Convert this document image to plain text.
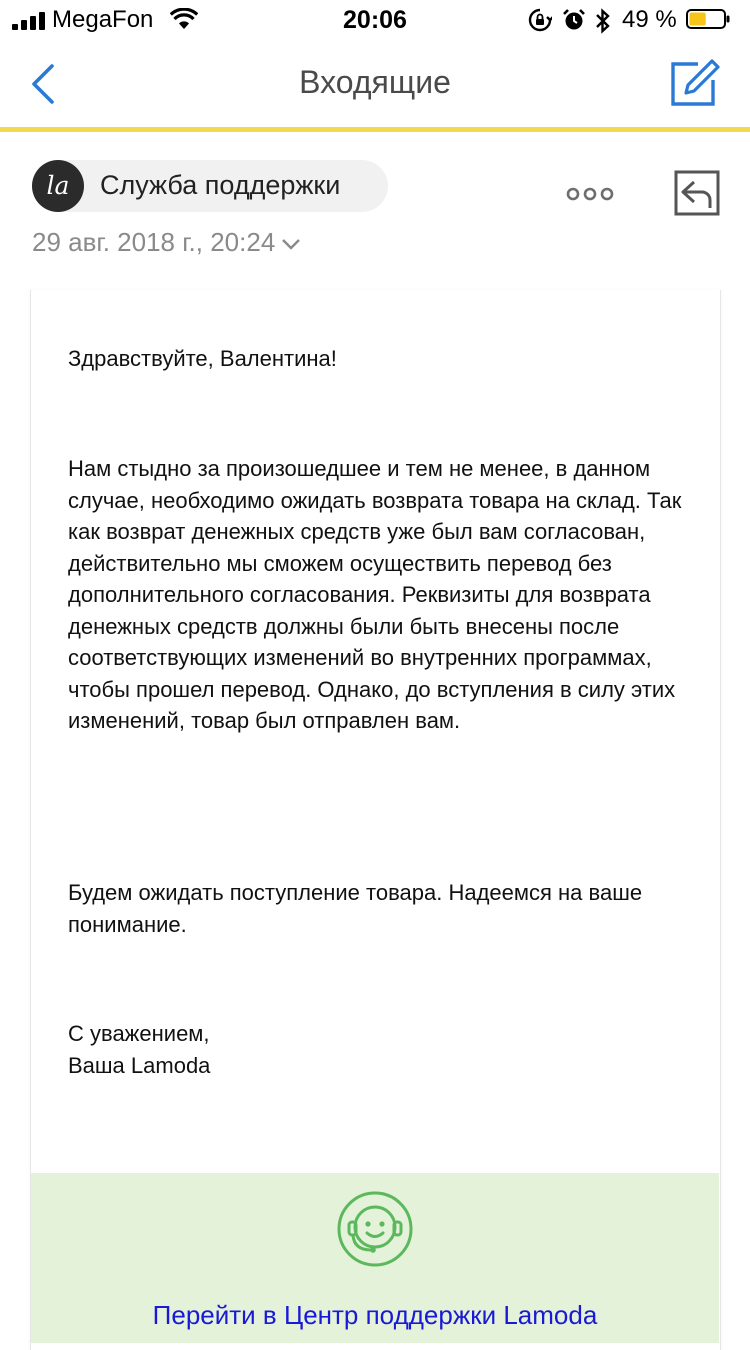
MegaFon	20:06	49 %
Входящие
la	Служба поддержки
29 авг. 2018 г., 20:24
Здравствуйте, Валентина!
Нам стыдно за произошедшее и тем не менее, в данном случае, необходимо ожидать возврата товара на склад. Так как возврат денежных средств уже был вам согласован, действительно мы сможем осуществить перевод без дополнительного согласования. Реквизиты для возврата денежных средств должны были быть внесены после соответствующих изменений во внутренних программах, чтобы прошел перевод. Однако, до вступления в силу этих изменений, товар был отправлен вам.
Будем ожидать поступление товара. Надеемся на ваше понимание.
С уважением,
Ваша Lamoda
Перейти в Центр поддержки Lamoda
